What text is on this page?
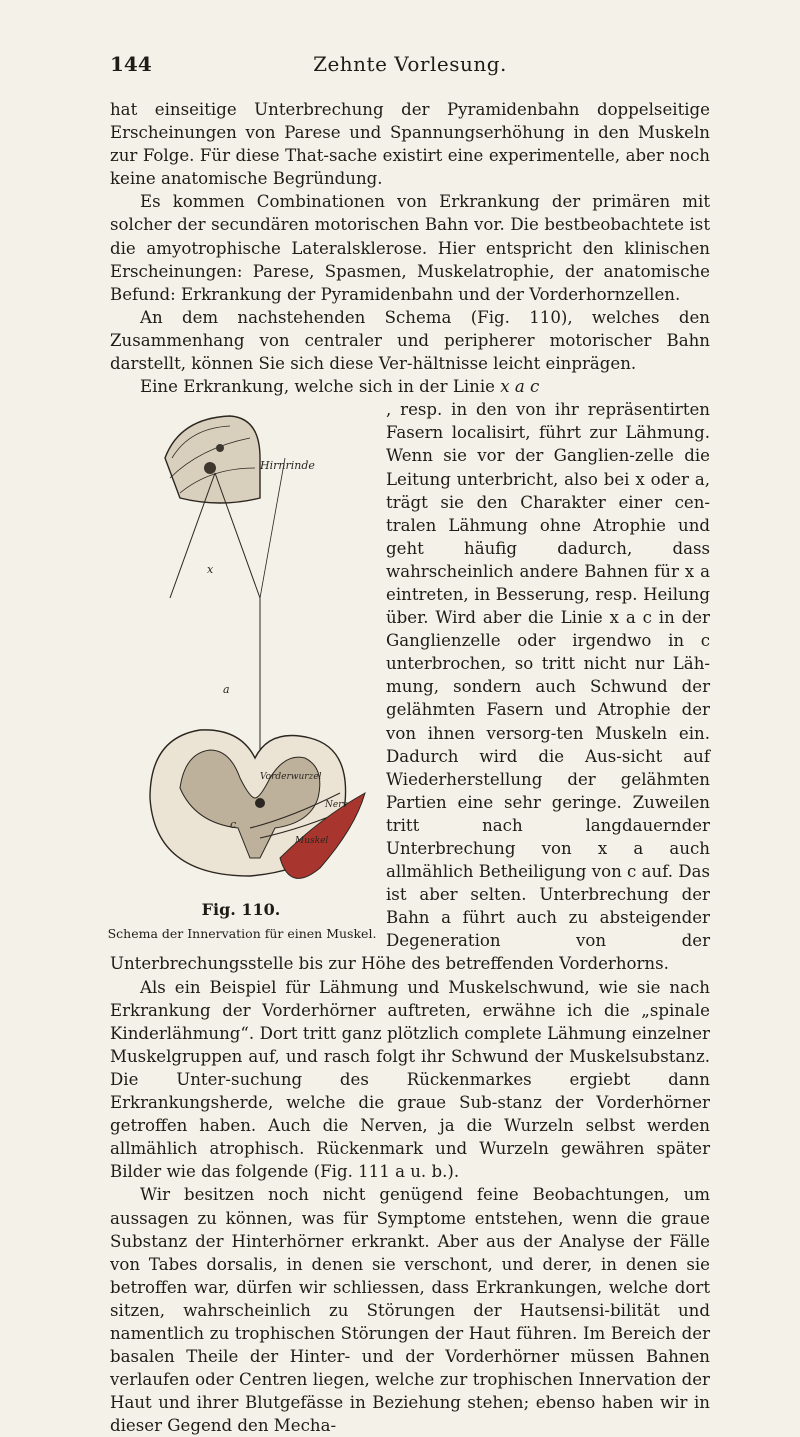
144	Zehnte Vorlesung.

hat einseitige Unterbrechung der Pyramidenbahn doppelseitige Erscheinungen von Parese und Spannungserhöhung in den Muskeln zur Folge. Für diese That-sache existirt eine experimentelle, aber noch keine anatomische Begründung.

Es kommen Combinationen von Erkrankung der primären mit solcher der secundären motorischen Bahn vor. Die bestbeobachtete ist die amyotrophische Lateralsklerose. Hier entspricht den klinischen Erscheinungen: Parese, Spasmen, Muskelatrophie, der anatomische Befund: Erkrankung der Pyramidenbahn und der Vorderhornzellen.

An dem nachstehenden Schema (Fig. 110), welches den Zusammenhang von centraler und peripherer motorischer Bahn darstellt, können Sie sich diese Ver-hältnisse leicht einprägen.

Eine Erkrankung, welche sich in der Linie x a c

Hirnrinde
x
a
c
Vorderwurzel
Nerv
Muskel
Fig. 110.
Schema der Innervation für einen Muskel.

, resp. in den von ihr repräsentirten Fasern localisirt, führt zur Lähmung. Wenn sie vor der Ganglien-zelle die Leitung unterbricht, also bei x oder a, trägt sie den Charakter einer cen-tralen Lähmung ohne Atrophie und geht häufig dadurch, dass wahrscheinlich andere Bahnen für x a eintreten, in Besserung, resp. Heilung über. Wird aber die Linie x a c in der Ganglienzelle oder irgendwo in c unterbrochen, so tritt nicht nur Läh-mung, sondern auch Schwund der gelähmten Fasern und Atrophie der von ihnen versorg-ten Muskeln ein. Dadurch wird die Aus-sicht auf Wiederherstellung der gelähmten Partien eine sehr geringe. Zuweilen tritt nach langdauernder Unterbrechung von x a auch allmählich Betheiligung von c auf. Das ist aber selten. Unterbrechung der Bahn a führt auch zu absteigender Degeneration von der Unterbrechungsstelle bis zur Höhe des betreffenden Vorderhorns.

Als ein Beispiel für Lähmung und Muskelschwund, wie sie nach Erkrankung der Vorderhörner auftreten, erwähne ich die „spinale Kinderlähmung“. Dort tritt ganz plötzlich complete Lähmung einzelner Muskelgruppen auf, und rasch folgt ihr Schwund der Muskelsubstanz. Die Unter-suchung des Rückenmarkes ergiebt dann Erkrankungsherde, welche die graue Sub-stanz der Vorderhörner getroffen haben. Auch die Nerven, ja die Wurzeln selbst werden allmählich atrophisch. Rückenmark und Wurzeln gewähren später Bilder wie das folgende (Fig. 111 a u. b.).

Wir besitzen noch nicht genügend feine Beobachtungen, um aussagen zu können, was für Symptome entstehen, wenn die graue Substanz der Hinterhörner erkrankt. Aber aus der Analyse der Fälle von Tabes dorsalis, in denen sie verschont, und derer, in denen sie betroffen war, dürfen wir schliessen, dass Erkrankungen, welche dort sitzen, wahrscheinlich zu Störungen der Hautsensi-bilität und namentlich zu trophischen Störungen der Haut führen. Im Bereich der basalen Theile der Hinter- und der Vorderhörner müssen Bahnen verlaufen oder Centren liegen, welche zur trophischen Innervation der Haut und ihrer Blutgefässe in Beziehung stehen; ebenso haben wir in dieser Gegend den Mecha-
